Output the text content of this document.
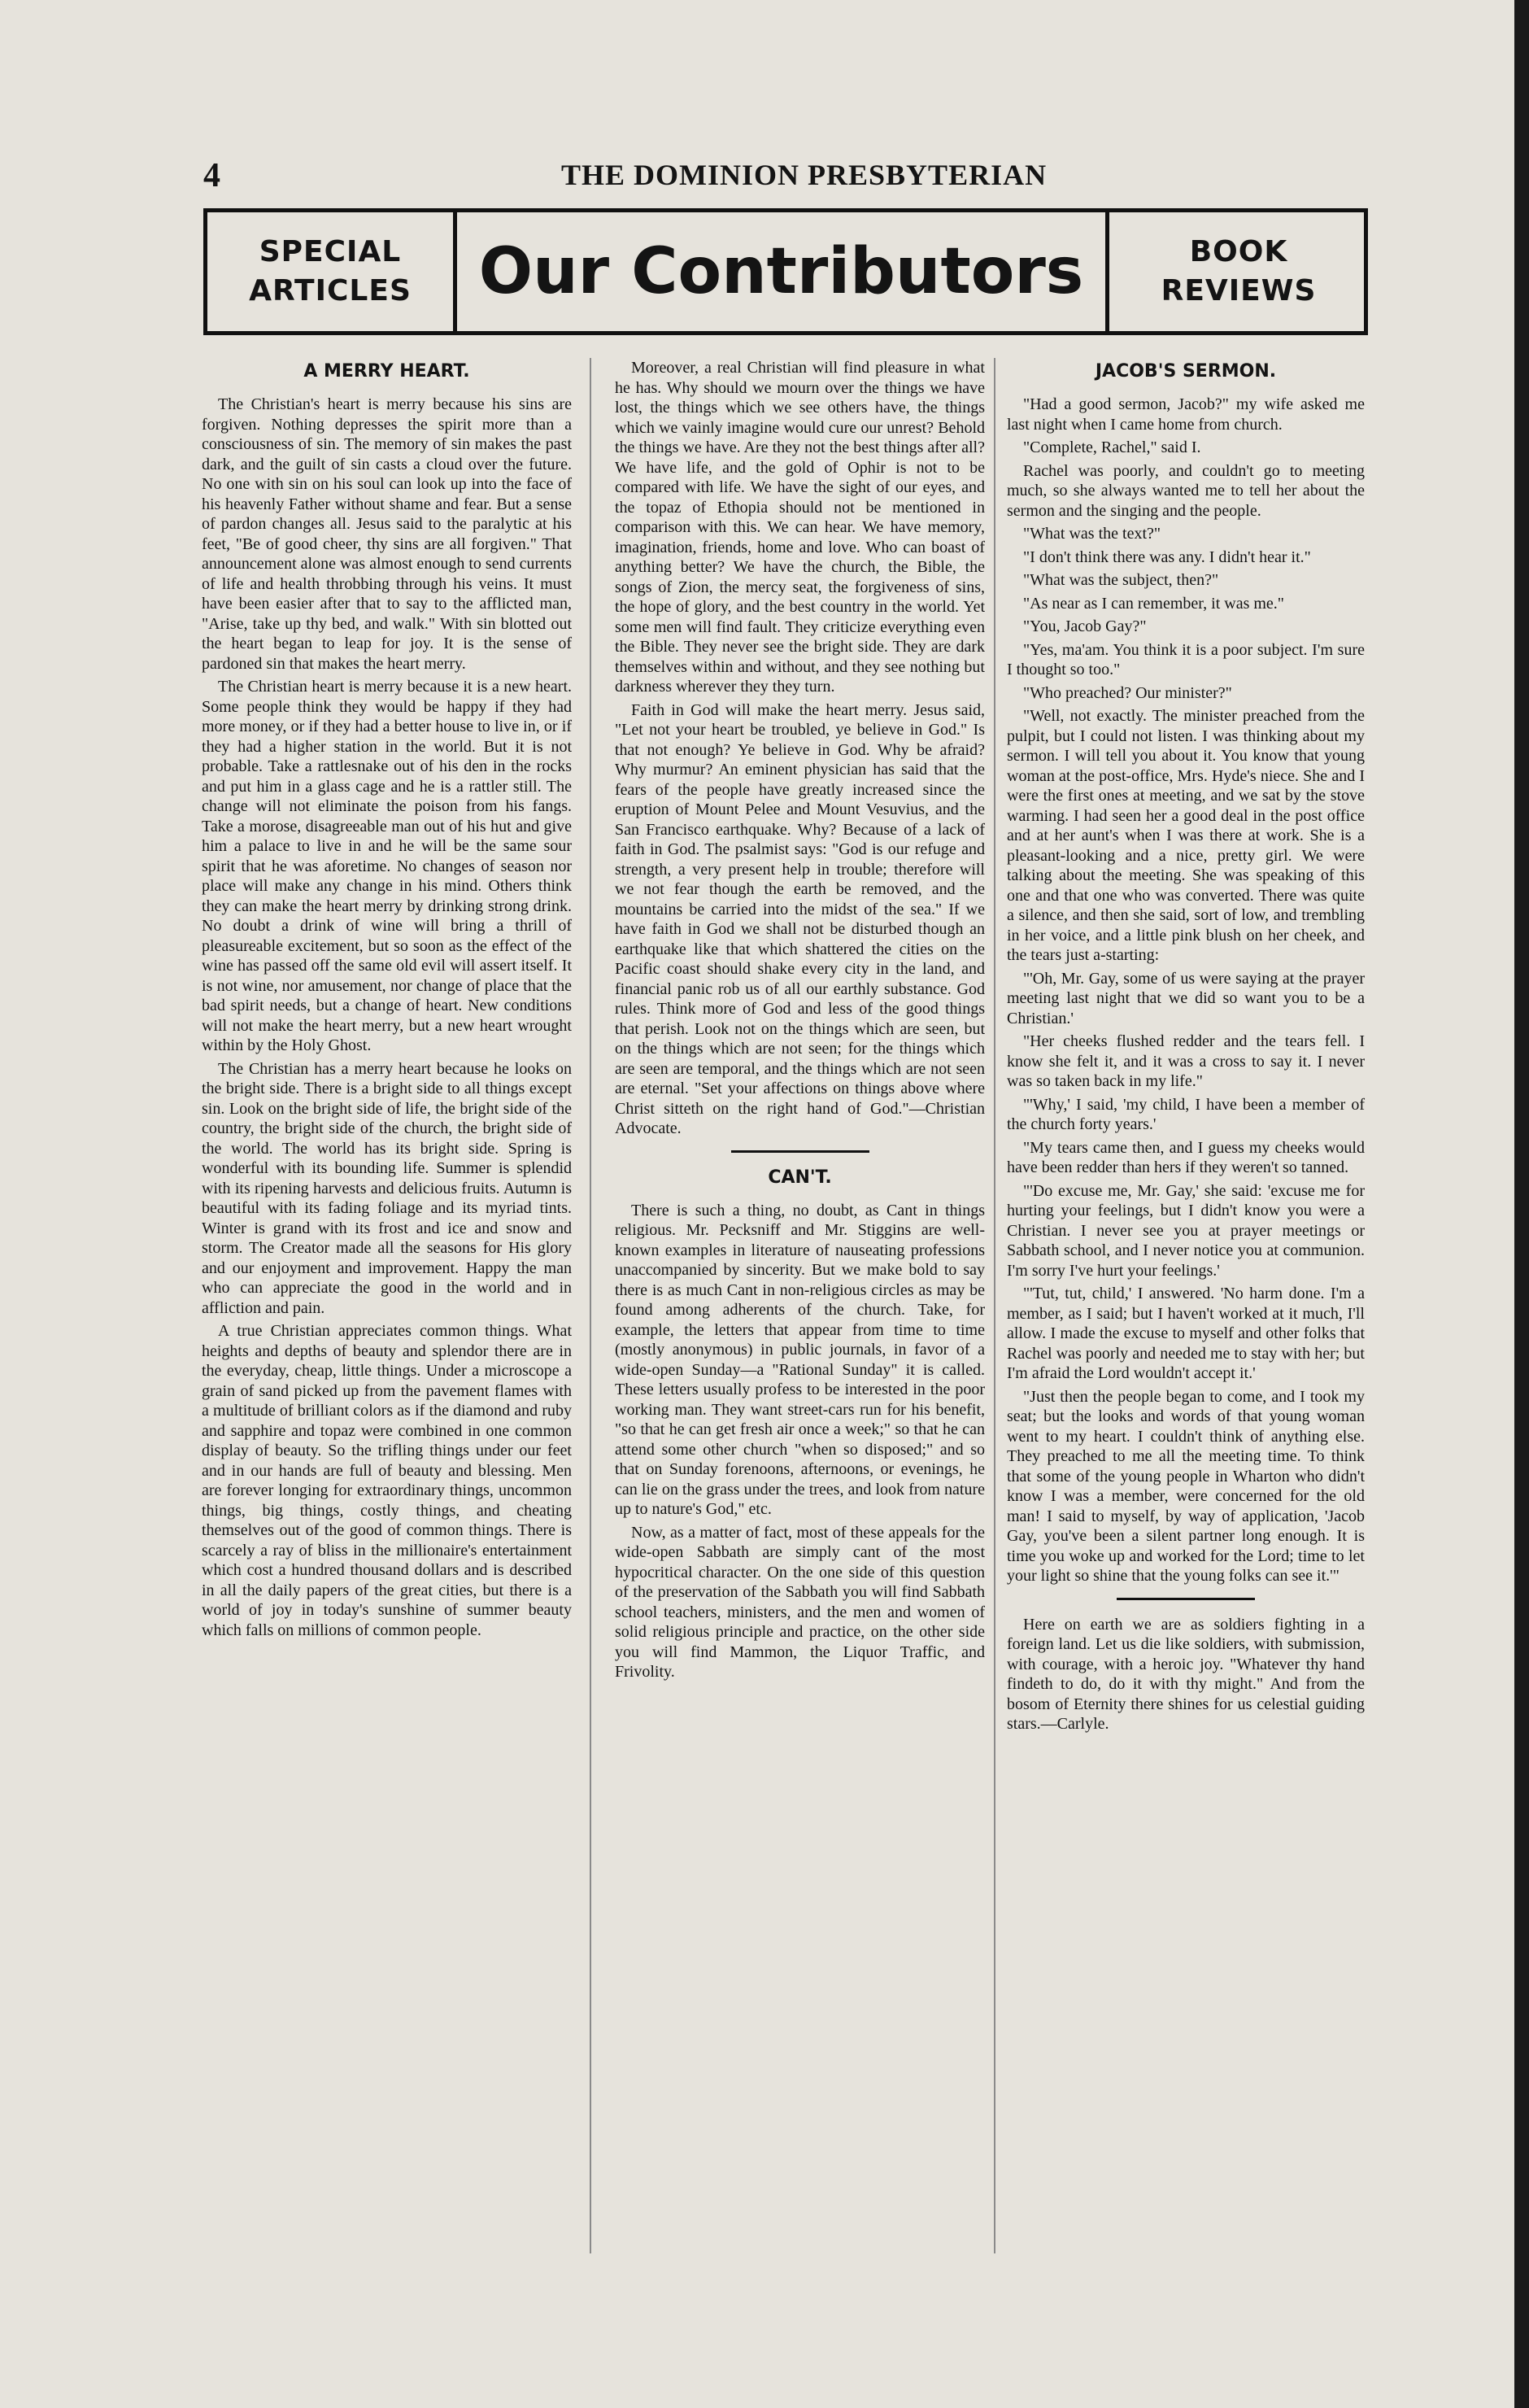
4	THE DOMINION PRESBYTERIAN
SPECIAL
ARTICLES	Our Contributors	BOOK
REVIEWS
A MERRY HEART.

The Christian's heart is merry because his sins are forgiven. Nothing depresses the spirit more than a consciousness of sin. The memory of sin makes the past dark, and the guilt of sin casts a cloud over the future. No one with sin on his soul can look up into the face of his heavenly Father without shame and fear. But a sense of pardon changes all. Jesus said to the paralytic at his feet, "Be of good cheer, thy sins are all forgiven." That announcement alone was almost enough to send currents of life and health throbbing through his veins. It must have been easier after that to say to the afflicted man, "Arise, take up thy bed, and walk." With sin blotted out the heart began to leap for joy. It is the sense of pardoned sin that makes the heart merry.

The Christian heart is merry because it is a new heart. Some people think they would be happy if they had more money, or if they had a better house to live in, or if they had a higher station in the world. But it is not probable. Take a rattlesnake out of his den in the rocks and put him in a glass cage and he is a rattler still. The change will not eliminate the poison from his fangs. Take a morose, disagreeable man out of his hut and give him a palace to live in and he will be the same sour spirit that he was aforetime. No changes of season nor place will make any change in his mind. Others think they can make the heart merry by drinking strong drink. No doubt a drink of wine will bring a thrill of pleasureable excitement, but so soon as the effect of the wine has passed off the same old evil will assert itself. It is not wine, nor amusement, nor change of place that the bad spirit needs, but a change of heart. New conditions will not make the heart merry, but a new heart wrought within by the Holy Ghost.

The Christian has a merry heart because he looks on the bright side. There is a bright side to all things except sin. Look on the bright side of life, the bright side of the country, the bright side of the church, the bright side of the world. The world has its bright side. Spring is wonderful with its bounding life. Summer is splendid with its ripening harvests and delicious fruits. Autumn is beautiful with its fading foliage and its myriad tints. Winter is grand with its frost and ice and snow and storm. The Creator made all the seasons for His glory and our enjoyment and improvement. Happy the man who can appreciate the good in the world and in affliction and pain.

A true Christian appreciates common things. What heights and depths of beauty and splendor there are in the everyday, cheap, little things. Under a microscope a grain of sand picked up from the pavement flames with a multitude of brilliant colors as if the diamond and ruby and sapphire and topaz were combined in one common display of beauty. So the trifling things under our feet and in our hands are full of beauty and blessing. Men are forever longing for extraordinary things, uncommon things, big things, costly things, and cheating themselves out of the good of common things. There is scarcely a ray of bliss in the millionaire's entertainment which cost a hundred thousand dollars and is described in all the daily papers of the great cities, but there is a world of joy in today's sunshine of summer beauty which falls on millions of common people.

Moreover, a real Christian will find pleasure in what he has. Why should we mourn over the things we have lost, the things which we see others have, the things which we vainly imagine would cure our unrest? Behold the things we have. Are they not the best things after all? We have life, and the gold of Ophir is not to be compared with life. We have the sight of our eyes, and the topaz of Ethopia should not be mentioned in comparison with this. We can hear. We have memory, imagination, friends, home and love. Who can boast of anything better? We have the church, the Bible, the songs of Zion, the mercy seat, the forgiveness of sins, the hope of glory, and the best country in the world. Yet some men will find fault. They criticize everything even the Bible. They never see the bright side. They are dark themselves within and without, and they see nothing but darkness wherever they they turn.

Faith in God will make the heart merry. Jesus said, "Let not your heart be troubled, ye believe in God." Is that not enough? Ye believe in God. Why be afraid? Why murmur? An eminent physician has said that the fears of the people have greatly increased since the eruption of Mount Pelee and Mount Vesuvius, and the San Francisco earthquake. Why? Because of a lack of faith in God. The psalmist says: "God is our refuge and strength, a very present help in trouble; therefore will we not fear though the earth be removed, and the mountains be carried into the midst of the sea." If we have faith in God we shall not be disturbed though an earthquake like that which shattered the cities on the Pacific coast should shake every city in the land, and financial panic rob us of all our earthly substance. God rules. Think more of God and less of the good things that perish. Look not on the things which are seen, but on the things which are not seen; for the things which are seen are temporal, and the things which are not seen are eternal. "Set your affections on things above where Christ sitteth on the right hand of God."—Christian Advocate.

CAN'T.

There is such a thing, no doubt, as Cant in things religious. Mr. Pecksniff and Mr. Stiggins are well-known examples in literature of nauseating professions unaccompanied by sincerity. But we make bold to say there is as much Cant in non-religious circles as may be found among adherents of the church. Take, for example, the letters that appear from time to time (mostly anonymous) in public journals, in favor of a wide-open Sunday—a "Rational Sunday" it is called. These letters usually profess to be interested in the poor working man. They want street-cars run for his benefit, "so that he can get fresh air once a week;" so that he can attend some other church "when so disposed;" and so that on Sunday forenoons, afternoons, or evenings, he can lie on the grass under the trees, and look from nature up to nature's God," etc.

Now, as a matter of fact, most of these appeals for the wide-open Sabbath are simply cant of the most hypocritical character. On the one side of this question of the preservation of the Sabbath you will find Sabbath school teachers, ministers, and the men and women of solid religious principle and practice, on the other side you will find Mammon, the Liquor Traffic, and Frivolity.

JACOB'S SERMON.

"Had a good sermon, Jacob?" my wife asked me last night when I came home from church.

"Complete, Rachel," said I.

Rachel was poorly, and couldn't go to meeting much, so she always wanted me to tell her about the sermon and the singing and the people.

"What was the text?"

"I don't think there was any. I didn't hear it."

"What was the subject, then?"

"As near as I can remember, it was me."

"You, Jacob Gay?"

"Yes, ma'am. You think it is a poor subject. I'm sure I thought so too."

"Who preached? Our minister?"

"Well, not exactly. The minister preached from the pulpit, but I could not listen. I was thinking about my sermon. I will tell you about it. You know that young woman at the post-office, Mrs. Hyde's niece. She and I were the first ones at meeting, and we sat by the stove warming. I had seen her a good deal in the post office and at her aunt's when I was there at work. She is a pleasant-looking and a nice, pretty girl. We were talking about the meeting. She was speaking of this one and that one who was converted. There was quite a silence, and then she said, sort of low, and trembling in her voice, and a little pink blush on her cheek, and the tears just a-starting:

"'Oh, Mr. Gay, some of us were saying at the prayer meeting last night that we did so want you to be a Christian.'

"Her cheeks flushed redder and the tears fell. I know she felt it, and it was a cross to say it. I never was so taken back in my life."

"'Why,' I said, 'my child, I have been a member of the church forty years.'

"My tears came then, and I guess my cheeks would have been redder than hers if they weren't so tanned.

"'Do excuse me, Mr. Gay,' she said: 'excuse me for hurting your feelings, but I didn't know you were a Christian. I never see you at prayer meetings or Sabbath school, and I never notice you at communion. I'm sorry I've hurt your feelings.'

"'Tut, tut, child,' I answered. 'No harm done. I'm a member, as I said; but I haven't worked at it much, I'll allow. I made the excuse to myself and other folks that Rachel was poorly and needed me to stay with her; but I'm afraid the Lord wouldn't accept it.'

"Just then the people began to come, and I took my seat; but the looks and words of that young woman went to my heart. I couldn't think of anything else. They preached to me all the meeting time. To think that some of the young people in Wharton who didn't know I was a member, were concerned for the old man! I said to myself, by way of application, 'Jacob Gay, you've been a silent partner long enough. It is time you woke up and worked for the Lord; time to let your light so shine that the young folks can see it.'"

Here on earth we are as soldiers fighting in a foreign land. Let us die like soldiers, with submission, with courage, with a heroic joy. "Whatever thy hand findeth to do, do it with thy might." And from the bosom of Eternity there shines for us celestial guiding stars.—Carlyle.
